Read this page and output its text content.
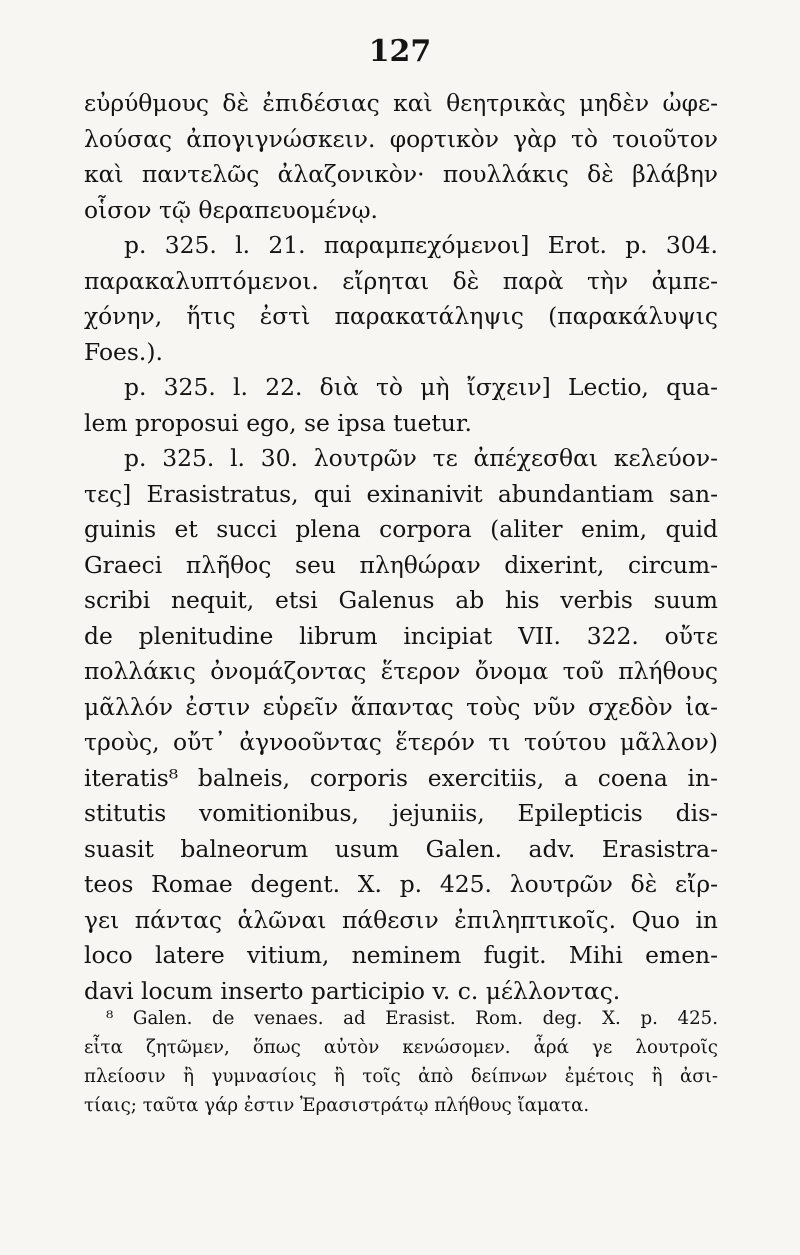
127
εὐρύθμους δὲ ἐπιδέσιας καὶ θεητρικὰς μηδὲν ὠφε-
λούσας ἀπογιγνώσκειν. φορτικὸν γὰρ τὸ τοιοῦτον
καὶ παντελῶς ἀλαζονικὸν· πουλλάκις δὲ βλάβην
οἷσον τῷ θεραπευομένῳ.
p. 325. l. 21. παραμπεχόμενοι] Erot. p. 304.
παρακαλυπτόμενοι. εἴρηται δὲ παρὰ τὴν ἀμπε-
χόνην, ἥτις ἐστὶ παρακατάληψις (παρακάλυψις
Foes.).
p. 325. l. 22. διὰ τὸ μὴ ἴσχειν] Lectio, qua-
lem proposui ego, se ipsa tuetur.
p. 325. l. 30. λουτρῶν τε ἀπέχεσθαι κελεύον-
τες] Erasistratus, qui exinanivit abundantiam san-
guinis et succi plena corpora (aliter enim, quid
Graeci πλῆθος seu πληθώραν dixerint, circum-
scribi nequit, etsi Galenus ab his verbis suum
de plenitudine librum incipiat VII. 322. οὔτε
πολλάκις ὀνομάζοντας ἕτερον ὄνομα τοῦ πλήθους
μᾶλλόν ἐστιν εὑρεῖν ἅπαντας τοὺς νῦν σχεδὸν ἰα-
τροὺς, οὔτ᾽ ἀγνοοῦντας ἕτερόν τι τούτου μᾶλλον)
iteratis⁸ balneis, corporis exercitiis, a coena in-
stitutis vomitionibus, jejuniis, Epilepticis dis-
suasit balneorum usum Galen. adv. Erasistra-
teos Romae degent. X. p. 425. λουτρῶν δὲ εἴρ-
γει πάντας ἁλῶναι πάθεσιν ἐπιληπτικοῖς. Quo in
loco latere vitium, neminem fugit. Mihi emen-
davi locum inserto participio v. c. μέλλοντας.
⁸ Galen. de venaes. ad Erasist. Rom. deg. X. p. 425.
εἶτα ζητῶμεν, ὅπως αὐτὸν κενώσομεν. ἆρά γε λουτροῖς
πλείοσιν ἢ γυμνασίοις ἢ τοῖς ἀπὸ δείπνων ἐμέτοις ἢ ἀσι-
τίαις; ταῦτα γάρ ἐστιν Ἐρασιστράτῳ πλήθους ἴαματα.
